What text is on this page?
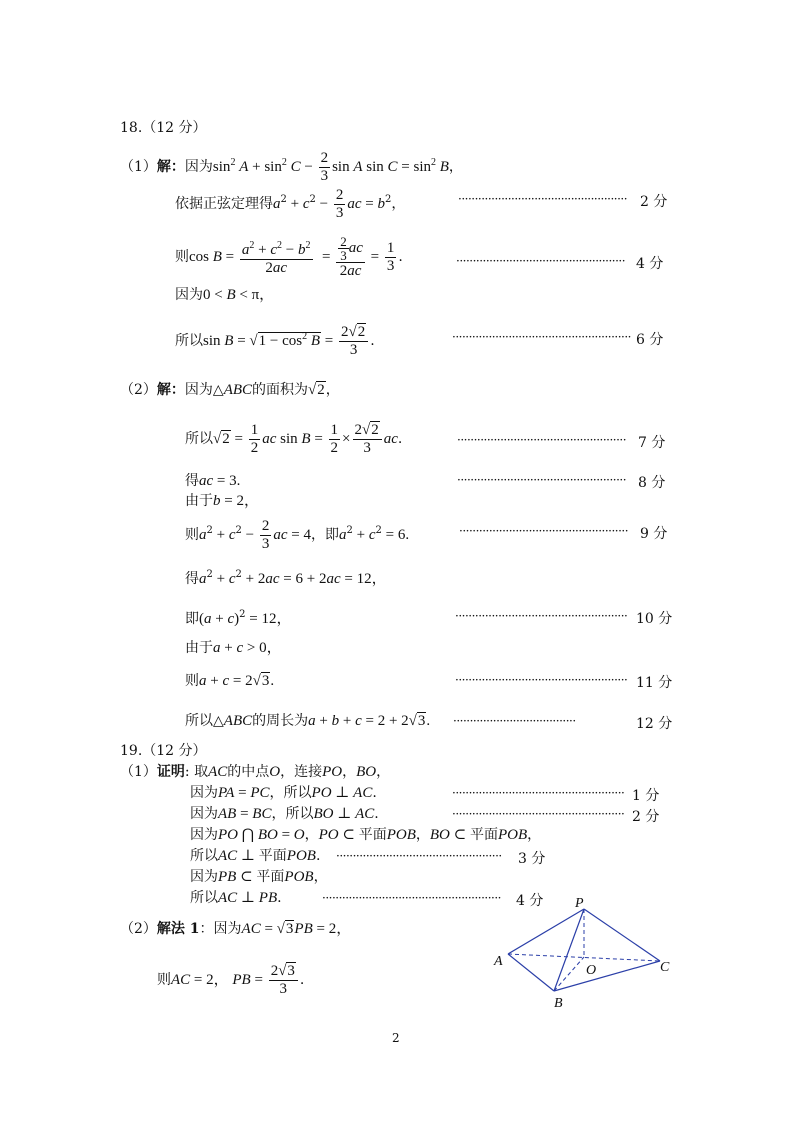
18.（12 分）
（1）解：因为$\sin^2 A + \sin^2 C - \frac{2}{3}$ sin A $\sin C = \sin^2 B$，
依据正弦定理得$a^2 + c^2 - \frac{2}{3}$ ac = $b^2$，	··················································· 2 分
则$\cos B = \frac{a^2 + c^2 - b^2}{2ac} = \frac{\frac{2}{3} ac}{2ac} = \frac{1}{3}$ .	··················································· 4 分
因为0 < B < π，
所以$\sin B = √1 - \cos^2 B = \frac{2√2}{3}$ .	······················································ 6 分
（2）解：因为△ABC的面积为√2，
所以$√2 = \frac{1}{2}$ ac $\sin B = \frac{1}{2} \times \frac{2√2}{3}$ ac.	··················································· 7 分
得ac = 3.	··················································· 8 分
由于b = 2，
则$a^2 + c^2 - \frac{2}{3}$ ac = 4，即$a^2 + c^2 = 6$.	··················································· 9 分
得$a^2 + c^2 + 2ac = 6 + 2ac = 12$，
即$(a + c)^2 = 12$，	···················································· 10 分
由于a + c > 0，
则a + c = 2√3.	···················································· 11 分
所以△ABC的周长为a + b + c = 2 + 2√3. ·····································	12 分
19.（12 分）
（1）证明: 取AC的中点O，连接PO，BO，
因为PA = PC，所以PO ⊥ AC.	···················································· 1 分
因为AB = BC，所以BO ⊥ AC.	···················································· 2 分
因为PO ⋂ BO = O，PO ⊂ 平面POB，BO ⊂ 平面POB，
所以AC ⊥ 平面POB. ·················································· 3 分
因为PB ⊂ 平面POB，
所以AC ⊥ PB.	······················································ 4 分
（2）解法 1：因为AC = √3PB = 2，
则AC = 2， PB = $\frac{2√3}{3}$ .
P
A
O	C
B
2
